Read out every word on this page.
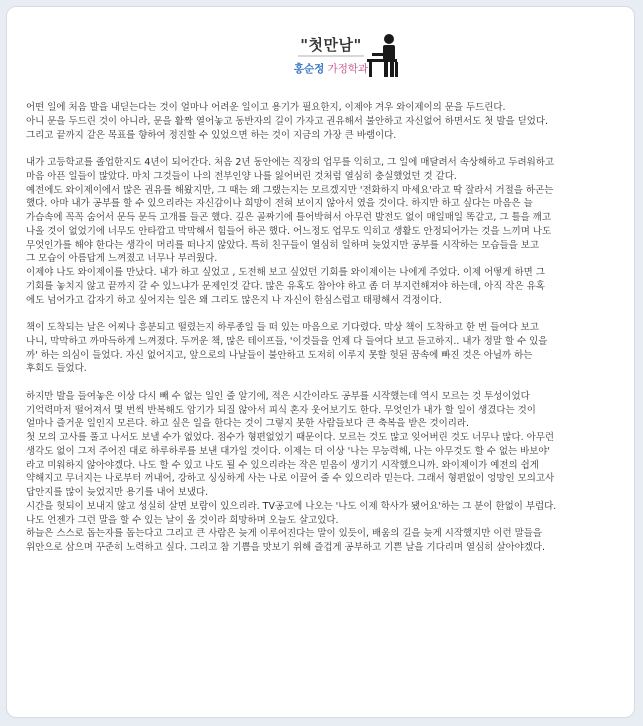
"첫만남"
홍순정 가정학과
어떤 일에 처음 발을 내딛는다는 것이 얼마나 어려운 일이고 용기가 필요한지, 이제야 겨우 와이제이의 문을 두드린다.
아니 문을 두드린 것이 아니라, 문을 활짝 열어놓고 동반자의 길이 가자고 권유해서 불안하고 자신없어 하면서도 첫 발을 딛었다.
그리고 끝까지 같은 목표를 향하여 정진할 수 있었으면 하는 것이 지금의 가장 큰 바램이다.
내가 고등학교를 졸업한지도 4년이 되어간다. 처음 2년 동안에는 직장의 업무를 익히고, 그 일에 매달려서 속상해하고 두려워하고
마음 아픈 일들이 많았다. 마치 그것들이 나의 전부인양 나를 잃어버린 것처럼 열심히 충실했었던 것 같다.
예전에도 와이제이에서 많은 권유를 해왔지만, 그 때는 왜 그랬는지는 모르겠지만 '전화하지 마세요'라고 딱 잘라서 거절을 하곤는
했다. 아마 내가 공부를 할 수 있으리라는 자신감이나 희망이 전혀 보이지 않아서 였을 것이다. 하지만 하고 싶다는 마음은 늘
가슴속에 꼭꼭 숨어서 문득 문득 고개를 들곤 했다. 깊은 골짜기에 틀어박혀서 아무런 발전도 없이 매일매일 똑같고, 그 틀을 깨고
나올 것이 없었기에 너무도 안타깝고 막막해서 힘들어 하곤 했다. 어느정도 업무도 익히고 생활도 안정되어가는 것을 느끼며 나도
무엇인가를 해야 한다는 생각이 머리를 떠나지 않았다. 특히 친구들이 열심히 일하며 늦었지만 공부를 시작하는 모습들을 보고
그 모습이 아름답게 느껴졌고 너무나 부러웠다.
이제야 나도 와이제이를 만났다. 내가 하고 싶었고 , 도전해 보고 싶었던 기회를 와이제이는 나에게 주었다. 이제 어떻게 하면 그
기회를 놓치지 않고 끝까지 갈 수 있느냐가 문제인것 같다. 많은 유혹도 참아야 하고 좀 더 부지런해져야 하는데, 아직 작은 유혹
에도 넘어가고 갑자기 하고 싶어지는 일은 왜 그리도 많은지 나 자신이 한심스럽고 태평해서 걱정이다.
책이 도착되는 날은 어찌나 흥분되고 떨렸는지 하루종일 들 떠 있는 마음으로 기다렸다. 막상 책이 도착하고 한 번 들여다 보고
나니, 막막하고 까마득하게 느껴졌다. 두꺼운 책, 많은 테이프들, '이것들을 언제 다 들여다 보고 듣고하지.. 내가 정말 할 수 있을
까' 하는 의심이 들었다. 자신 없어지고, 앞으로의 나날들이 불안하고 도저히 이루지 못할 헛된 꿈속에 빠진 것은 아닐까 하는
후회도 들었다.
하지만 발을 들여놓은 이상 다시 빼 수 없는 일인 줄 알기에, 적은 시간이라도 공부를 시작했는데 역시 모르는 것 투성이었다
기억력마저 떨어져서 몇 번씩 반복해도 암기가 되질 않아서 피식 혼자 웃어보기도 한다. 무엇인가 내가 할 일이 생겼다는 것이
얼마나 즐거운 일인지 모른다. 하고 싶은 일을 한다는 것이 그렇지 못한 사람들보다 큰 축복을 받은 것이리라.
첫 모의 고사를 풀고 나서도 보낼 수가 없었다. 점수가 형편없었기 때문이다. 모르는 것도 많고 잊어버린 것도 너무나 많다. 아무런
생각도 없이 그저 주어진 대로 하루하루를 보낸 대가일 것이다. 이제는 더 이상 '나는 무능력해, 나는 아무것도 할 수 없는 바보야'
라고 미워하지 않아야겠다. 나도 할 수 있고 나도 될 수 있으리라는 작은 믿음이 생기기 시작했으니까. 와이제이가 예전의 쉽게
약해지고 무너지는 나로부터 꺼내어, 강하고 싱싱하게 사는 나로 이끌어 줄 수 있으리라 믿는다. 그래서 형편없이 엉망인 모의고사
답안지를 많이 늦었지만 용기를 내어 보냈다.
시간을 헛되이 보내지 않고 성실히 살면 보람이 있으리라. TV공고에 나오는 '나도 이제 학사가 됐어요'하는 그 분이 한없이 부럽다.
나도 언젠가 그런 말을 할 수 있는 날이 올 것이라 희망하며 오늘도 살고있다.
하늘은 스스로 돕는자를 돕는다고 그리고 큰 사람은 늦게 이루어진다는 말이 있듯이, 배움의 길을 늦게 시작했지만 이런 말들을
위안으로 삼으며 꾸준히 노력하고 싶다. 그리고 참 기쁨을 맛보기 위해 즐겁게 공부하고 기쁜 날을 기다리며 열심히 살아야겠다.
